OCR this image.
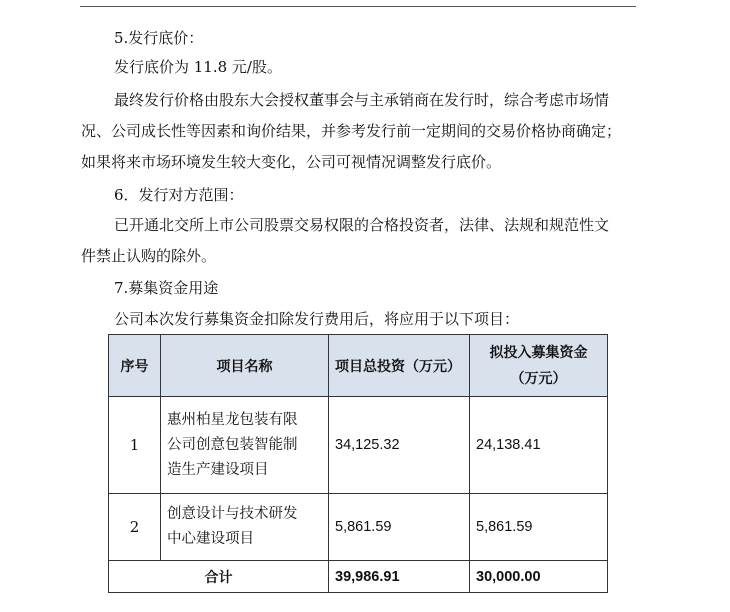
5.发行底价：
发行底价为 11.8 元/股。
最终发行价格由股东大会授权董事会与主承销商在发行时，综合考虑市场情
况、公司成长性等因素和询价结果，并参考发行前一定期间的交易价格协商确定；
如果将来市场环境发生较大变化，公司可视情况调整发行底价。
6．发行对方范围：
已开通北交所上市公司股票交易权限的合格投资者，法律、法规和规范性文
件禁止认购的除外。
7.募集资金用途
公司本次发行募集资金扣除发行费用后，将应用于以下项目：
序号	项目名称	项目总投资（万元）	拟投入募集资金
（万元）

1	惠州柏星龙包装有限
公司创意包装智能制
造生产建设项目	34,125.32	24,138.41
2	创意设计与技术研发
中心建设项目	5,861.59	5,861.59
合计		39,986.91	30,000.00
